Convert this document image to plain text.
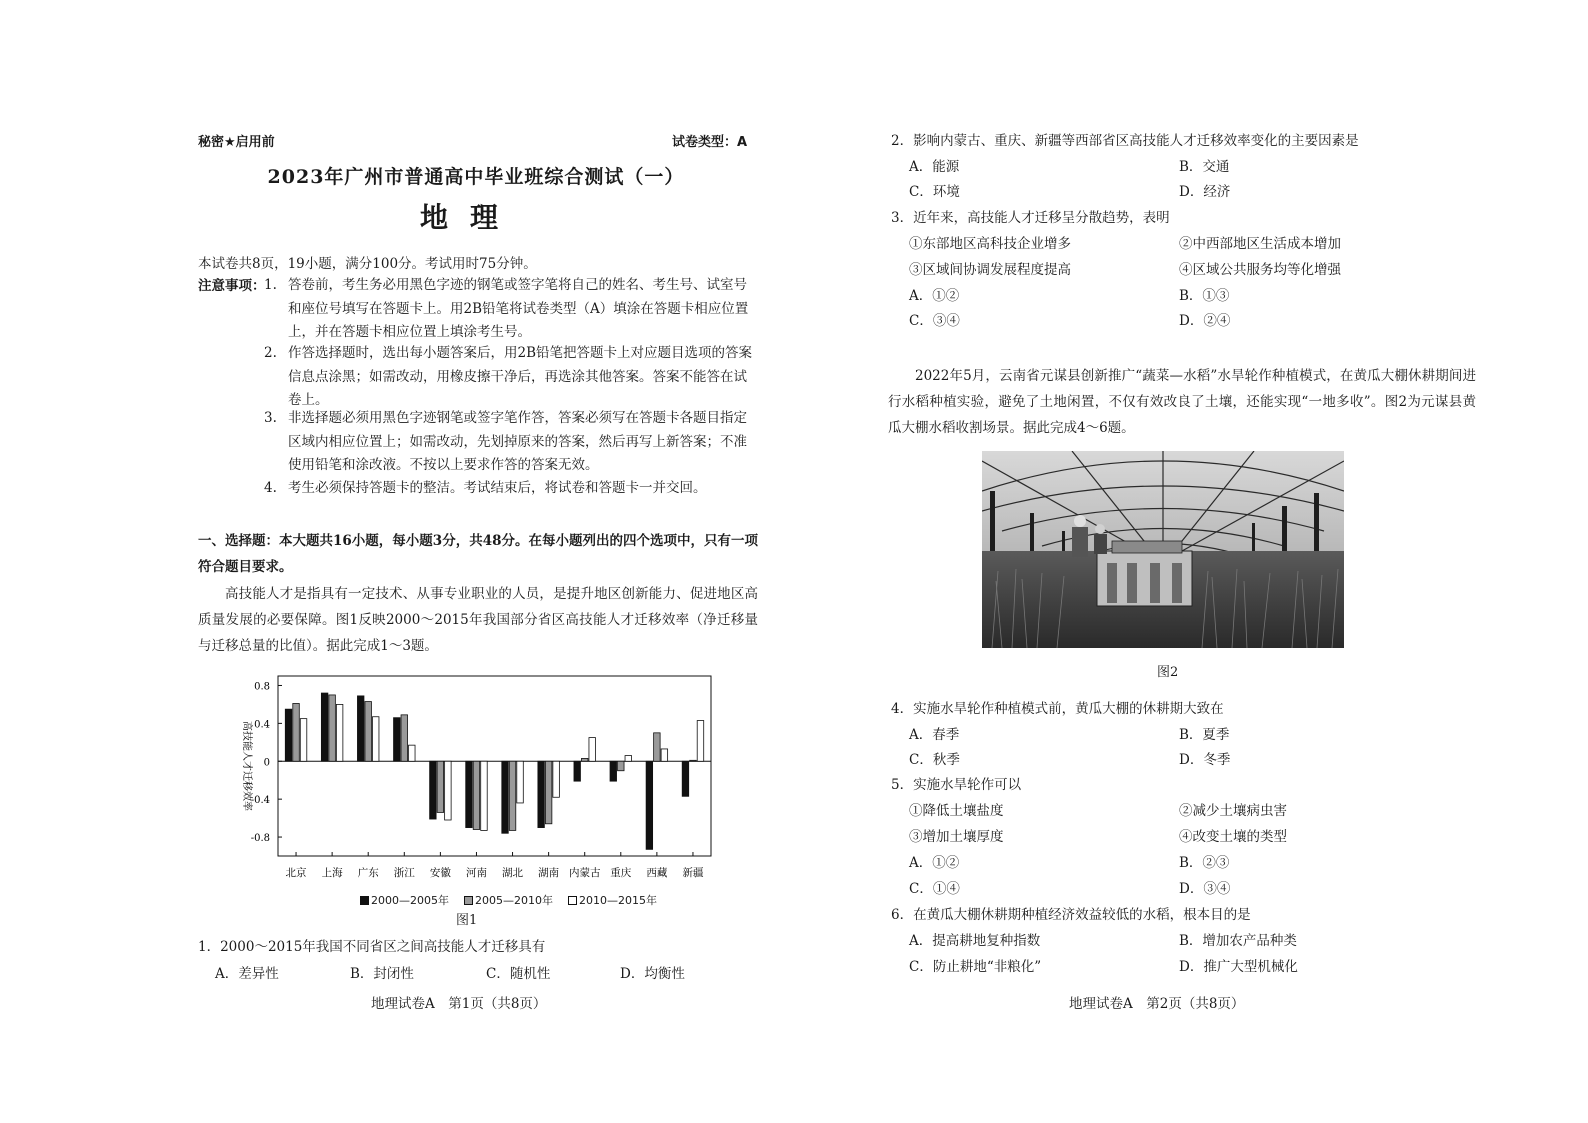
秘密★启用前	试卷类型：A
2023年广州市普通高中毕业班综合测试（一）
地理
本试卷共8页，19小题，满分100分。考试用时75分钟。
注意事项：
1. 答卷前，考生务必用黑色字迹的钢笔或签字笔将自己的姓名、考生号、试室号和座位号填写在答题卡上。用2B铅笔将试卷类型（A）填涂在答题卡相应位置上，并在答题卡相应位置上填涂考生号。
2. 作答选择题时，选出每小题答案后，用2B铅笔把答题卡上对应题目选项的答案信息点涂黑；如需改动，用橡皮擦干净后，再选涂其他答案。答案不能答在试卷上。
3. 非选择题必须用黑色字迹钢笔或签字笔作答，答案必须写在答题卡各题目指定区域内相应位置上；如需改动，先划掉原来的答案，然后再写上新答案；不准使用铅笔和涂改液。不按以上要求作答的答案无效。
4. 考生必须保持答题卡的整洁。考试结束后，将试卷和答题卡一并交回。
一、选择题：本大题共16小题，每小题3分，共48分。在每小题列出的四个选项中，只有一项符合题目要求。
高技能人才是指具有一定技术、从事专业职业的人员，是提升地区创新能力、促进地区高质量发展的必要保障。图1反映2000～2015年我国部分省区高技能人才迁移效率（净迁移量与迁移总量的比值）。据此完成1～3题。
0.8
0.4
0
-0.4
-0.8
高技能人才迁移效率
北京 上海 广东 浙江 安徽 河南 湖北 湖南 内蒙古 重庆 西藏 新疆
2000—2005年 2005—2010年 2010—2015年
图1
1．2000～2015年我国不同省区之间高技能人才迁移具有
A．差异性	B．封闭性	C．随机性	D．均衡性
地理试卷A　第1页（共8页）
2．影响内蒙古、重庆、新疆等西部省区高技能人才迁移效率变化的主要因素是
A．能源	B．交通
C．环境	D．经济
3．近年来，高技能人才迁移呈分散趋势，表明
①东部地区高科技企业增多	②中西部地区生活成本增加
③区域间协调发展程度提高	④区域公共服务均等化增强
A．①②	B．①③
C．③④	D．②④
2022年5月，云南省元谋县创新推广“蔬菜—水稻”水旱轮作种植模式，在黄瓜大棚休耕期间进行水稻种植实验，避免了土地闲置，不仅有效改良了土壤，还能实现“一地多收”。图2为元谋县黄瓜大棚水稻收割场景。据此完成4～6题。
图2
4．实施水旱轮作种植模式前，黄瓜大棚的休耕期大致在
A．春季	B．夏季
C．秋季	D．冬季
5．实施水旱轮作可以
①降低土壤盐度	②减少土壤病虫害
③增加土壤厚度	④改变土壤的类型
A．①②	B．②③
C．①④	D．③④
6．在黄瓜大棚休耕期种植经济效益较低的水稻，根本目的是
A．提高耕地复种指数	B．增加农产品种类
C．防止耕地“非粮化”	D．推广大型机械化
地理试卷A　第2页（共8页）
